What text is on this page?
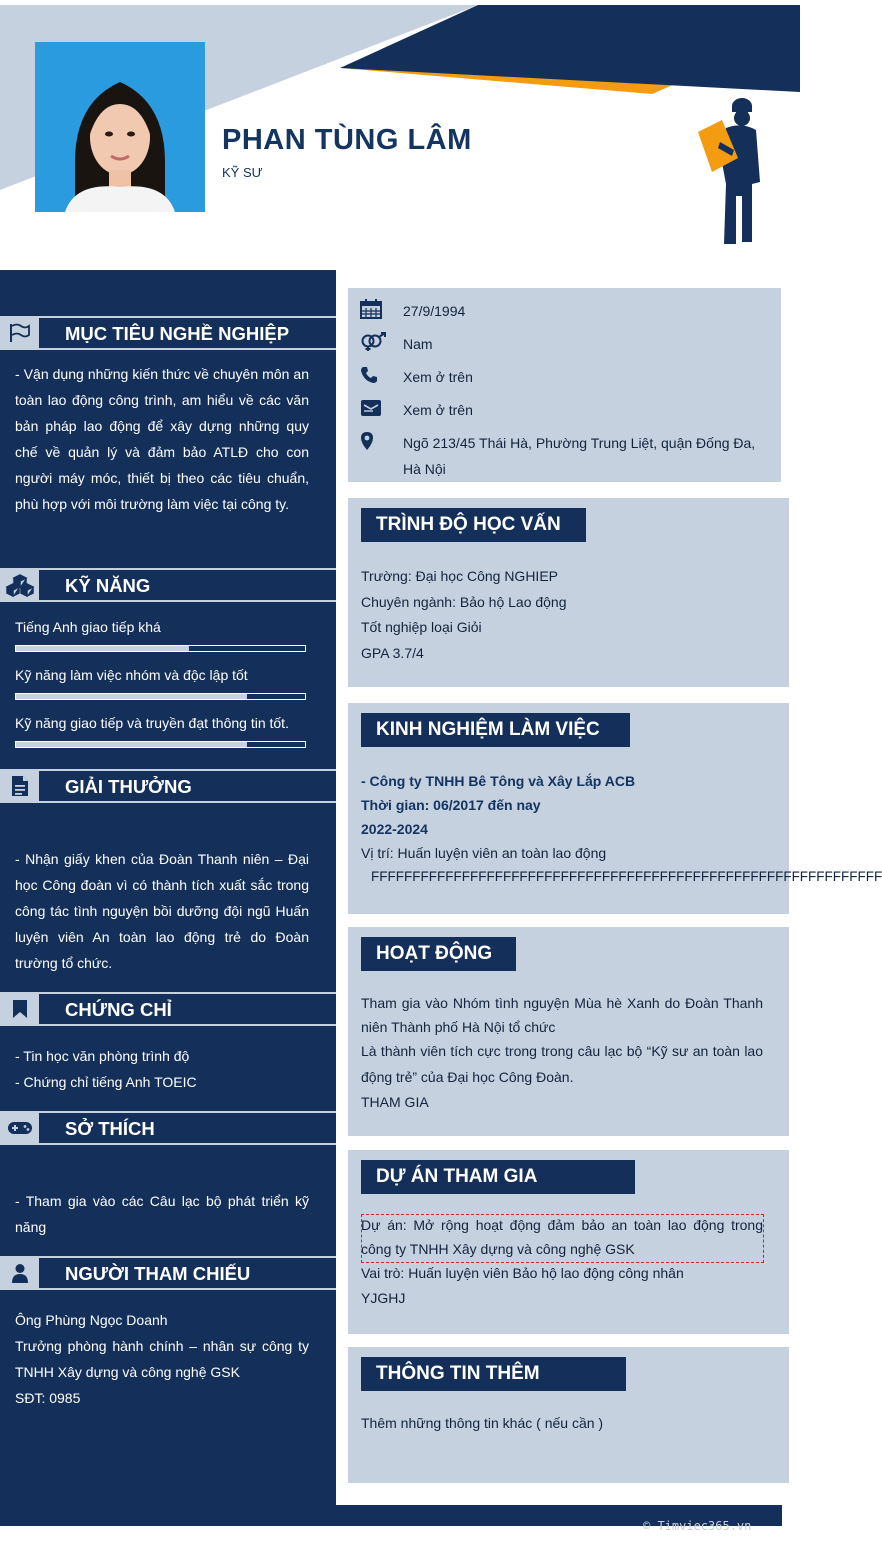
PHAN TÙNG LÂM
KỸ SƯ
MỤC TIÊU NGHỀ NGHIỆP
- Vận dụng những kiến thức về chuyên môn an toàn lao động công trình, am hiểu về các văn bản pháp lao động để xây dựng những quy chế về quản lý và đảm bảo ATLĐ cho con người máy móc, thiết bị theo các tiêu chuẩn, phù hợp với môi trường làm việc tại công ty.
KỸ NĂNG
Tiếng Anh giao tiếp khá
Kỹ năng làm việc nhóm và độc lập tốt
Kỹ năng giao tiếp và truyền đạt thông tin tốt.
GIẢI THƯỞNG
- Nhận giấy khen của Đoàn Thanh niên – Đại học Công đoàn vì có thành tích xuất sắc trong công tác tình nguyện bồi dưỡng đội ngũ Huấn luyện viên An toàn lao động trẻ do Đoàn trường tổ chức.
CHỨNG CHỈ
- Tin học văn phòng trình độ
- Chứng chỉ tiếng Anh TOEIC
SỞ THÍCH
- Tham gia vào các Câu lạc bộ phát triển kỹ năng
NGƯỜI THAM CHIẾU
Ông Phùng Ngọc Doanh
Trưởng phòng hành chính – nhân sự công ty TNHH Xây dựng và công nghệ GSK
SĐT: 0985
27/9/1994
Nam
Xem ở trên
Xem ở trên
Ngõ 213/45 Thái Hà, Phường Trung Liệt, quận Đống Đa, Hà Nội
TRÌNH ĐỘ HỌC VẤN

Trường: Đại học Công NGHIEP

Chuyên ngành: Bảo hộ Lao động

Tốt nghiệp loại Giỏi

GPA 3.7/4

KINH NGHIỆM LÀM VIỆC

- Công ty TNHH Bê Tông và Xây Lắp ACB

Thời gian: 06/2017 đến nay

2022-2024

Vị trí: Huấn luyện viên an toàn lao động

FFFFFFFFFFFFFFFFFFFFFFFFFFFFFFFFFFFFFFFFFFFFFFFFFFFFFFFFFFFFFF

HOẠT ĐỘNG

Tham gia vào Nhóm tình nguyện Mùa hè Xanh do Đoàn Thanh niên Thành phố Hà Nội tổ chức

Là thành viên tích cực trong trong câu lạc bộ “Kỹ sư an toàn lao động trẻ” của Đại học Công Đoàn.

THAM GIA

DỰ ÁN THAM GIA

Dự án: Mở rộng hoạt động đảm bảo an toàn lao động trong công ty TNHH Xây dựng và công nghệ GSK

Vai trò: Huấn luyện viên Bảo hộ lao động công nhân

YJGHJ

THÔNG TIN THÊM
Thêm những thông tin khác ( nếu cần )
© Timviec365.vn
